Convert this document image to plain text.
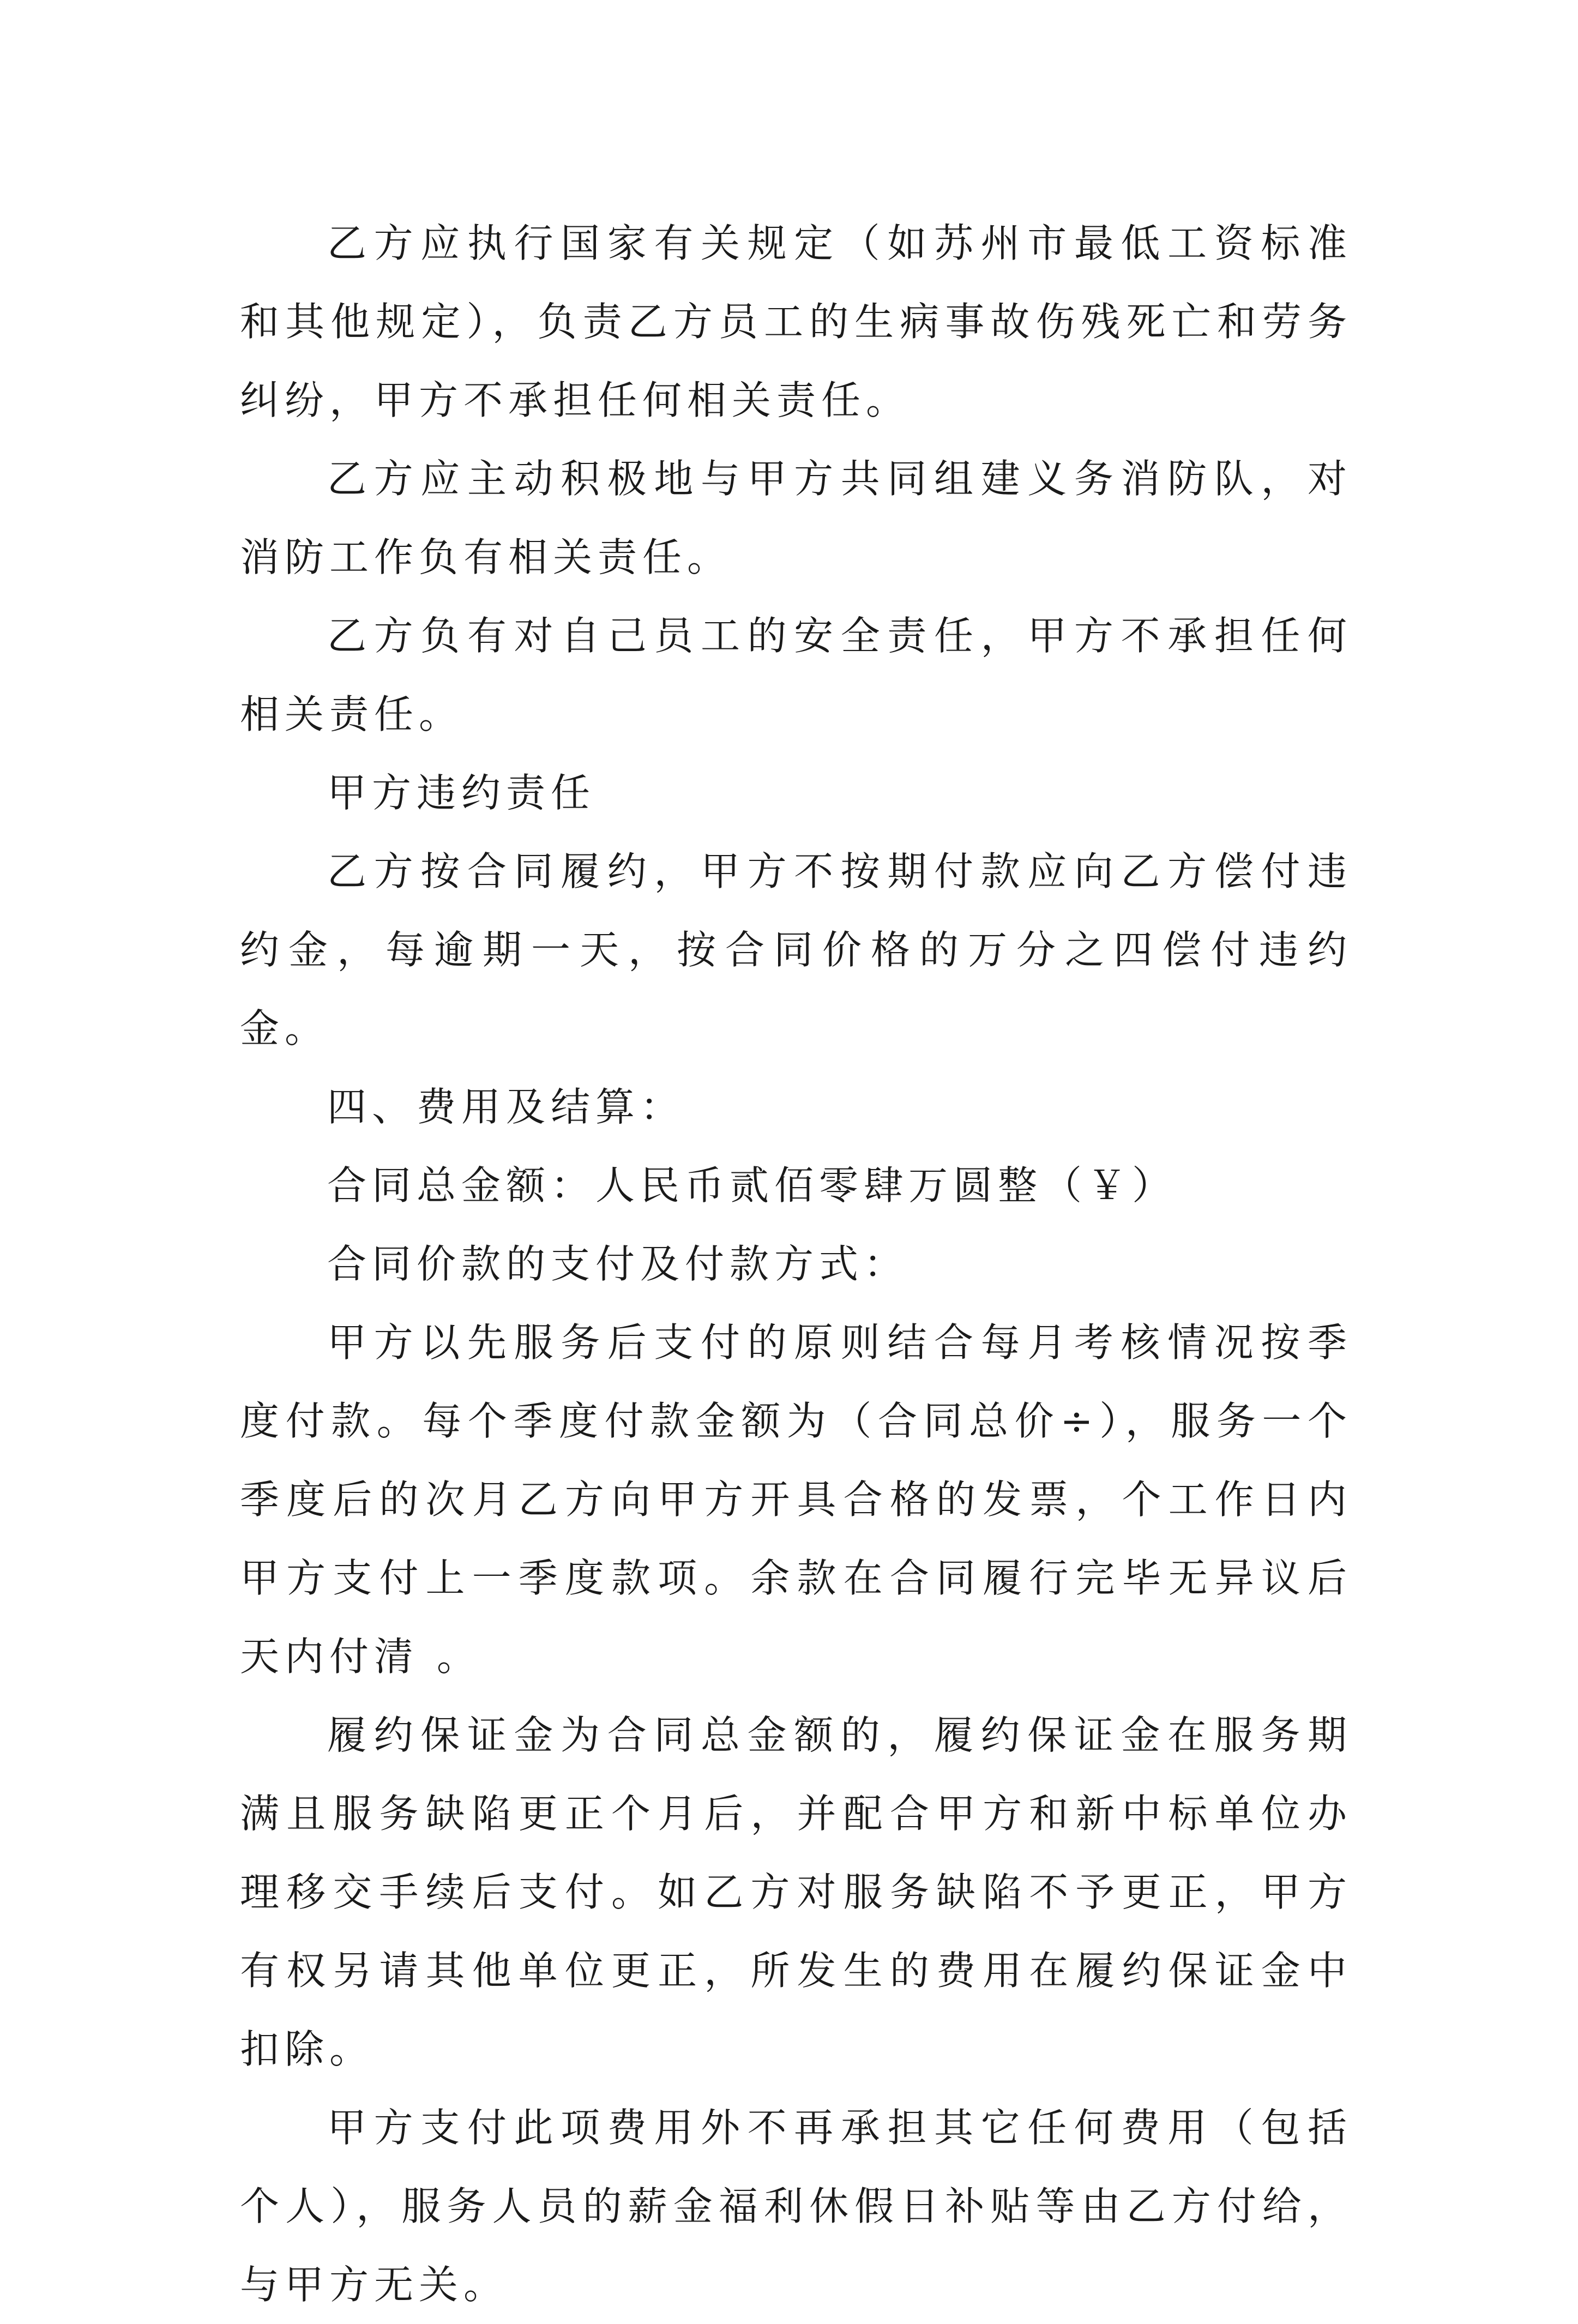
乙方应执行国家有关规定（如苏州市最低工资标准和其他规定），负责乙方员工的生病事故伤残死亡和劳务纠纷，甲方不承担任何相关责任。

乙方应主动积极地与甲方共同组建义务消防队，对消防工作负有相关责任。

乙方负有对自己员工的安全责任，甲方不承担任何相关责任。

甲方违约责任

乙方按合同履约，甲方不按期付款应向乙方偿付违约金，每逾期一天，按合同价格的万分之四偿付违约金。

四、费用及结算：

合同总金额：人民币贰佰零肆万圆整（￥）

合同价款的支付及付款方式：

甲方以先服务后支付的原则结合每月考核情况按季度付款。每个季度付款金额为（合同总价÷），服务一个季度后的次月乙方向甲方开具合格的发票，个工作日内甲方支付上一季度款项。余款在合同履行完毕无异议后天内付清 。

履约保证金为合同总金额的，履约保证金在服务期满且服务缺陷更正个月后，并配合甲方和新中标单位办理移交手续后支付。如乙方对服务缺陷不予更正，甲方有权另请其他单位更正，所发生的费用在履约保证金中扣除。

甲方支付此项费用外不再承担其它任何费用（包括个人），服务人员的薪金福利休假日补贴等由乙方付给，与甲方无关。
